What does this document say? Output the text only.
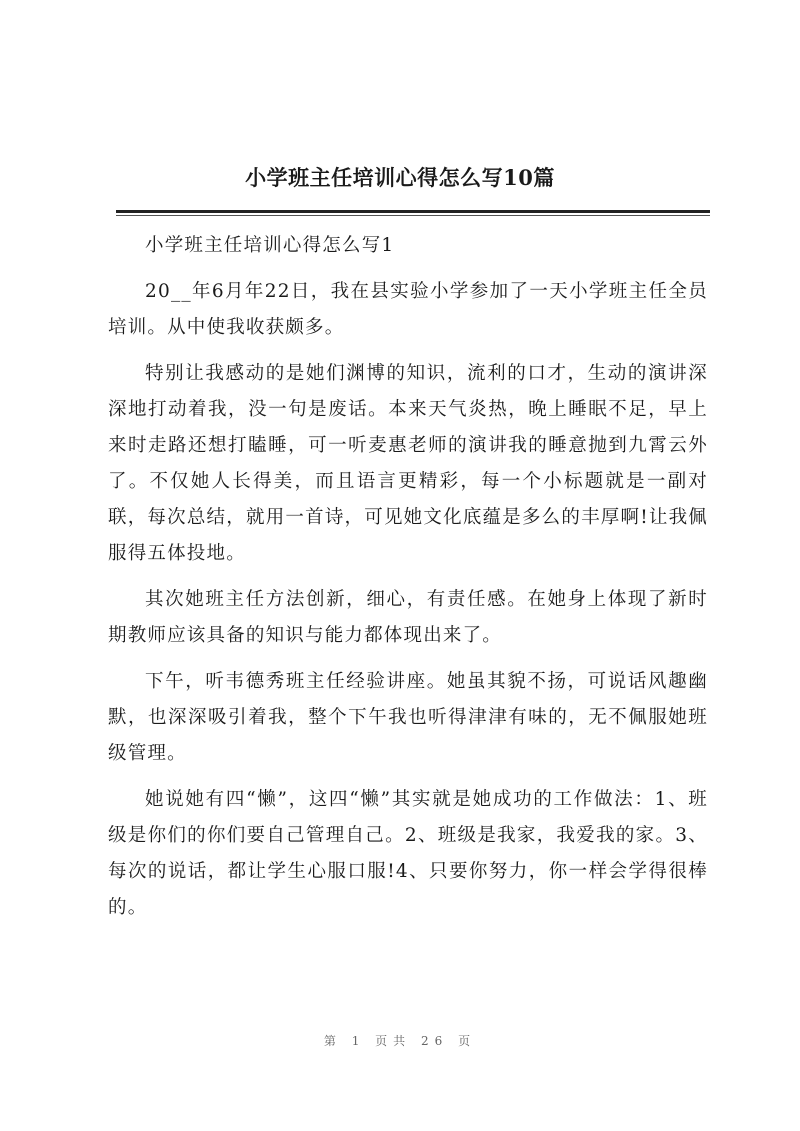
小学班主任培训心得怎么写10篇

小学班主任培训心得怎么写1

20__年6月年22日，我在县实验小学参加了一天小学班主任全员培训。从中使我收获颇多。

特别让我感动的是她们渊博的知识，流利的口才，生动的演讲深深地打动着我，没一句是废话。本来天气炎热，晚上睡眠不足，早上来时走路还想打瞌睡，可一听麦惠老师的演讲我的睡意抛到九霄云外了。不仅她人长得美，而且语言更精彩，每一个小标题就是一副对联，每次总结，就用一首诗，可见她文化底蕴是多么的丰厚啊!让我佩服得五体投地。

其次她班主任方法创新，细心，有责任感。在她身上体现了新时期教师应该具备的知识与能力都体现出来了。

下午，听韦德秀班主任经验讲座。她虽其貌不扬，可说话风趣幽默，也深深吸引着我，整个下午我也听得津津有味的，无不佩服她班级管理。

她说她有四“懒”，这四“懒”其实就是她成功的工作做法：1、班级是你们的你们要自己管理自己。2、班级是我家，我爱我的家。3、每次的说话，都让学生心服口服!4、只要你努力，你一样会学得很棒的。

第 1 页共 26 页
